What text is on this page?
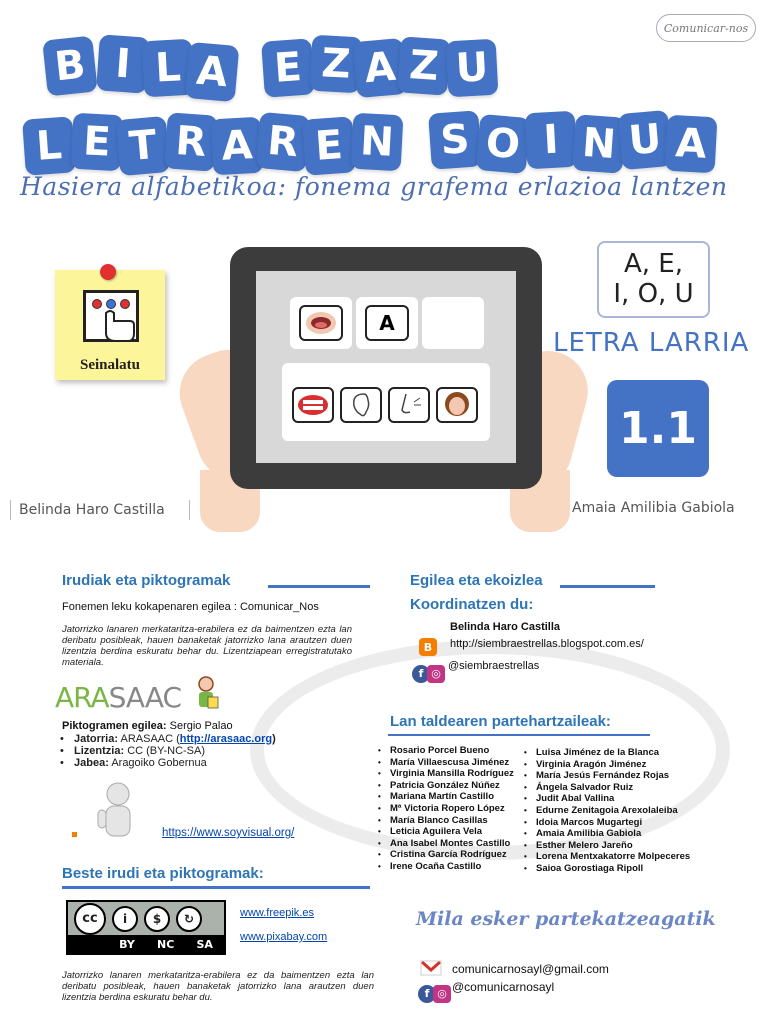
B I L A E Z A Z U
L E T R A R E N S O I N U A
Hasiera alfabetikoa: fonema grafema erlazioa lantzen
Comunicar-nos
Seinalatu
A
A, E,
I, O, U
LETRA LARRIA
1.1
Belinda Haro Castilla	Amaia Amilibia Gabiola
Irudiak eta piktogramak
Fonemen leku kokapenaren egilea : Comunicar_Nos
Jatorrizko lanaren merkataritza-erabilera ez da baimentzen ezta lan deribatu posibleak, hauen banaketak jatorrizko lana arautzen duen lizentzia berdina eskuratu behar du. Lizentziapean erregistratutako materiala.
ARASAAC
Piktogramen egilea: Sergio Palao
• Jatorria: ARASAAC (http://arasaac.org)
• Lizentzia: CC (BY-NC-SA)
• Jabea: Aragoiko Gobernua
https://www.soyvisual.org/
Beste irudi eta piktogramak:
cc	i	$	↻
BY NC SA
www.freepik.es
www.pixabay.com
Jatorrizko lanaren merkataritza-erabilera ez da baimentzen ezta lan deribatu posibleak, hauen banaketak jatorrizko lana arautzen duen lizentzia berdina eskuratu behar du.
Egilea eta ekoizlea
Koordinatzen du:
Belinda Haro Castilla
B	http://siembraestrellas.blogspot.com.es/
f ◎
@siembraestrellas
Lan taldearen partehartzaileak:
• Rosario Porcel Bueno
• María Villaescusa Jiménez
• Virginia Mansilla Rodríguez
• Patricia González Núñez
• Mariana Martín Castillo
• Mª Victoria Ropero López
• María Blanco Casillas
• Leticia Aguilera Vela
• Ana Isabel Montes Castillo
• Cristina García Rodríguez
• Irene Ocaña Castillo
• Luisa Jiménez de la Blanca
• Virginia Aragón Jiménez
• María Jesús Fernández Rojas
• Ángela Salvador Ruiz
• Judit Abal Vallina
• Edurne Zenitagoia Arexolaleiba
• Idoia Marcos Mugartegi
• Amaia Amilibia Gabiola
• Esther Melero Jareño
• Lorena Mentxakatorre Molpeceres
• Saioa Gorostiaga Ripoll
Mila esker partekatzeagatik
comunicarnosayl@gmail.com
f ◎ @comunicarnosayl
